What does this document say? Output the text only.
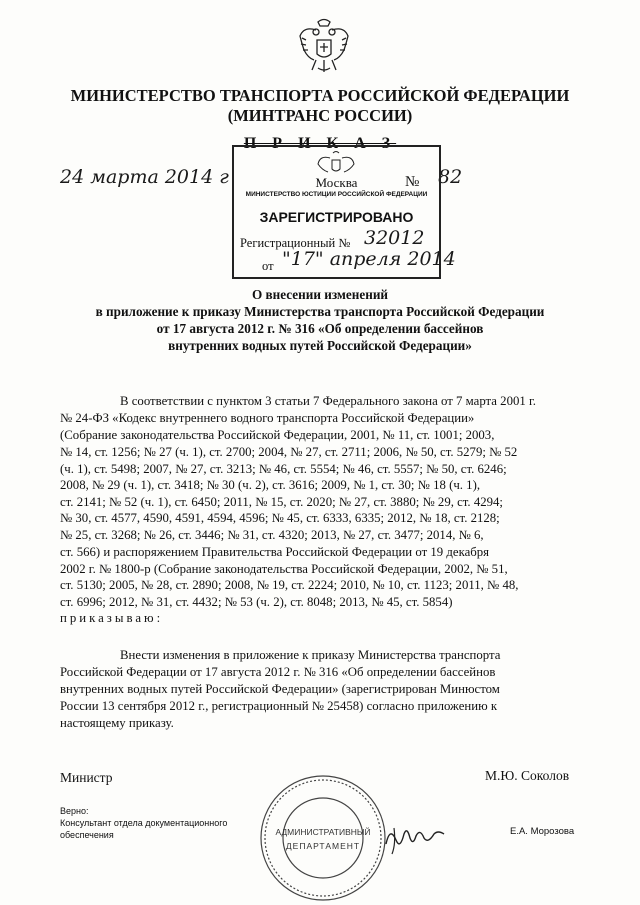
МИНИСТЕРСТВО ТРАНСПОРТА РОССИЙСКОЙ ФЕДЕРАЦИИ
(МИНТРАНС РОССИИ)
П Р И К А З
24 марта 2014 г	№ 82
Москва
МИНИСТЕРСТВО ЮСТИЦИИ РОССИЙСКОЙ ФЕДЕРАЦИИ
ЗАРЕГИСТРИРОВАНО
Регистрационный № 32012
от "17" апреля 2014
О внесении изменений
в приложение к приказу Министерства транспорта Российской Федерации
от 17 августа 2012 г. № 316 «Об определении бассейнов
внутренних водных путей Российской Федерации»
В соответствии с пунктом 3 статьи 7 Федерального закона от 7 марта 2001 г.
№ 24-ФЗ «Кодекс внутреннего водного транспорта Российской Федерации»
(Собрание законодательства Российской Федерации, 2001, № 11, ст. 1001; 2003,
№ 14, ст. 1256; № 27 (ч. 1), ст. 2700; 2004, № 27, ст. 2711; 2006, № 50, ст. 5279; № 52
(ч. 1), ст. 5498; 2007, № 27, ст. 3213; № 46, ст. 5554; № 46, ст. 5557; № 50, ст. 6246;
2008, № 29 (ч. 1), ст. 3418; № 30 (ч. 2), ст. 3616; 2009, № 1, ст. 30; № 18 (ч. 1),
ст. 2141; № 52 (ч. 1), ст. 6450; 2011, № 15, ст. 2020; № 27, ст. 3880; № 29, ст. 4294;
№ 30, ст. 4577, 4590, 4591, 4594, 4596; № 45, ст. 6333, 6335; 2012, № 18, ст. 2128;
№ 25, ст. 3268; № 26, ст. 3446; № 31, ст. 4320; 2013, № 27, ст. 3477; 2014, № 6,
ст. 566) и распоряжением Правительства Российской Федерации от 19 декабря
2002 г. № 1800-р (Собрание законодательства Российской Федерации, 2002, № 51,
ст. 5130; 2005, № 28, ст. 2890; 2008, № 19, ст. 2224; 2010, № 10, ст. 1123; 2011, № 48,
ст. 6996; 2012, № 31, ст. 4432; № 53 (ч. 2), ст. 8048; 2013, № 45, ст. 5854)
приказываю:
Внести изменения в приложение к приказу Министерства транспорта
Российской Федерации от 17 августа 2012 г. № 316 «Об определении бассейнов
внутренних водных путей Российской Федерации» (зарегистрирован Минюстом
России 13 сентября 2012 г., регистрационный № 25458) согласно приложению к
настоящему приказу.
Министр	М.Ю. Соколов
Верно:
Консультант отдела документационного
обеспечения	АДМИНИСТРАТИВНЫЙ
ДЕПАРТАМЕНТ
Е.А. Морозова
